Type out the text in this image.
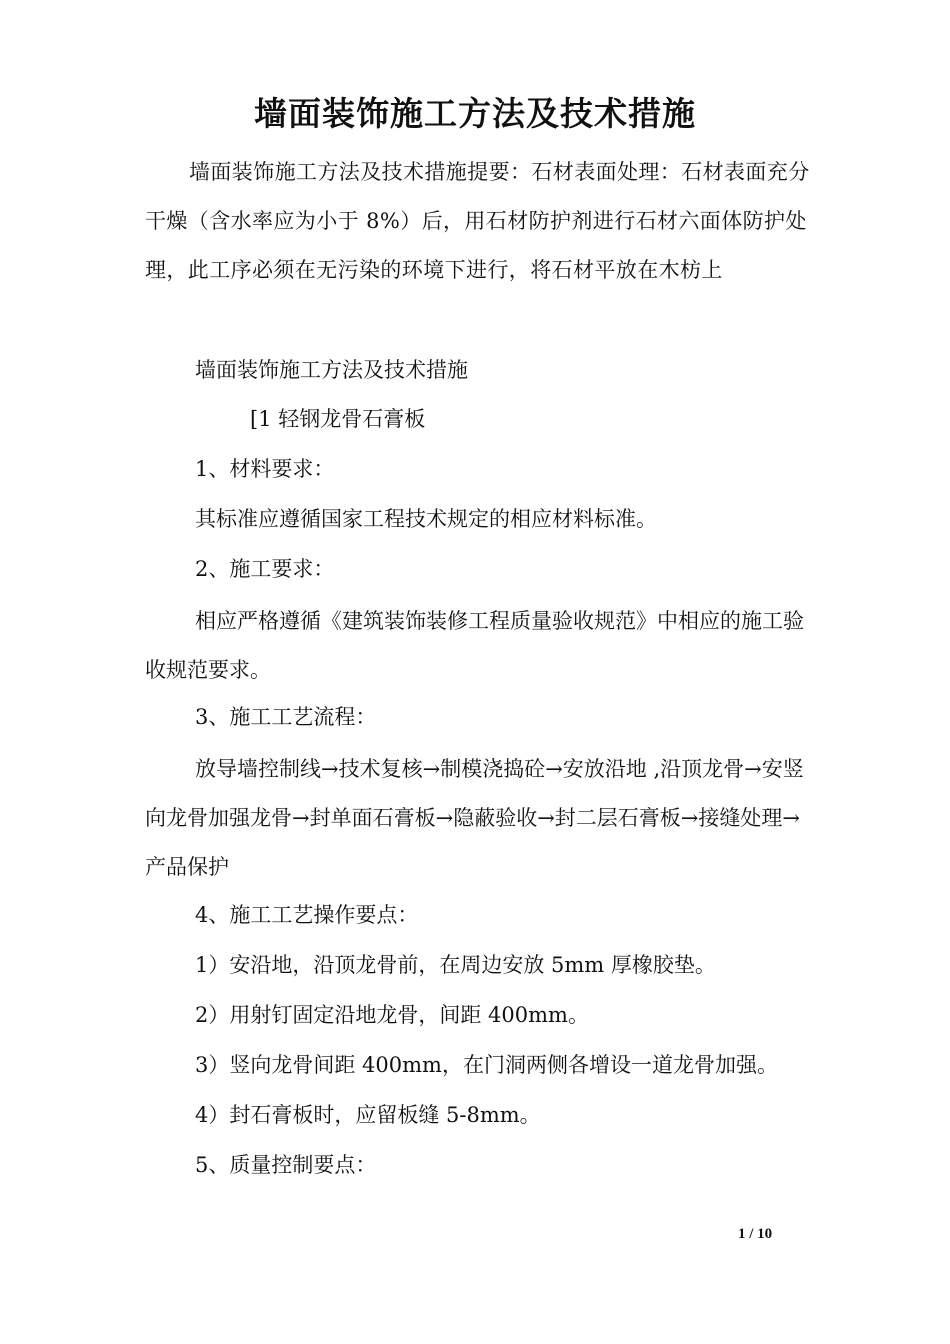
墙面装饰施工方法及技术措施

墙面装饰施工方法及技术措施提要：石材表面处理：石材表面充分干燥（含水率应为小于 8%）后，用石材防护剂进行石材六面体防护处理，此工序必须在无污染的环境下进行，将石材平放在木枋上

墙面装饰施工方法及技术措施
[1 轻钢龙骨石膏板
1、材料要求：
其标准应遵循国家工程技术规定的相应材料标准。
2、施工要求：
相应严格遵循《建筑装饰装修工程质量验收规范》中相应的施工验收规范要求。
3、施工工艺流程：
放导墙控制线→技术复核→制模浇捣砼→安放沿地 ,沿顶龙骨→安竖向龙骨加强龙骨→封单面石膏板→隐蔽验收→封二层石膏板→接缝处理→产品保护
4、施工工艺操作要点：
1）安沿地，沿顶龙骨前，在周边安放 5mm 厚橡胶垫。
2）用射钉固定沿地龙骨，间距 400mm。
3）竖向龙骨间距 400mm，在门洞两侧各增设一道龙骨加强。
4）封石膏板时，应留板缝 5-8mm。
5、质量控制要点：
1 / 10
